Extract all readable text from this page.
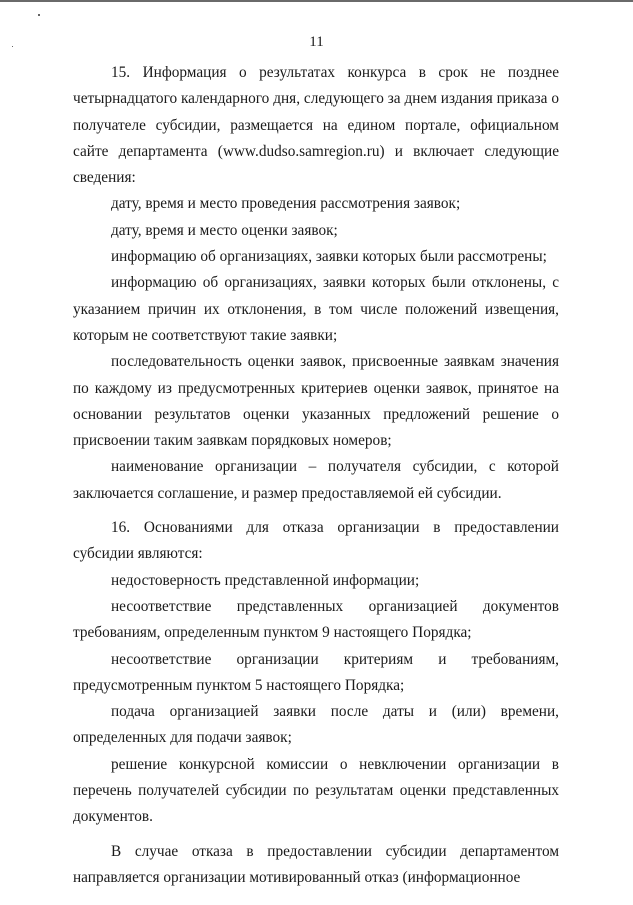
11

15. Информация о результатах конкурса в срок не позднее четырнадцатого календарного дня, следующего за днем издания приказа о получателе субсидии, размещается на едином портале, официальном сайте департамента (www.dudso.samregion.ru) и включает следующие сведения:

дату, время и место проведения рассмотрения заявок;

дату, время и место оценки заявок;

информацию об организациях, заявки которых были рассмотрены;

информацию об организациях, заявки которых были отклонены, с указанием причин их отклонения, в том числе положений извещения, которым не соответствуют такие заявки;

последовательность оценки заявок, присвоенные заявкам значения по каждому из предусмотренных критериев оценки заявок, принятое на основании результатов оценки указанных предложений решение о присвоении таким заявкам порядковых номеров;

наименование организации – получателя субсидии, с которой заключается соглашение, и размер предоставляемой ей субсидии.

16. Основаниями для отказа организации в предоставлении субсидии являются:

недостоверность представленной информации;

несоответствие представленных организацией документов требованиям, определенным пунктом 9 настоящего Порядка;

несоответствие организации критериям и требованиям, предусмотренным пунктом 5 настоящего Порядка;

подача организацией заявки после даты и (или) времени, определенных для подачи заявок;

решение конкурсной комиссии о невключении организации в перечень получателей субсидии по результатам оценки представленных документов.

В случае отказа в предоставлении субсидии департаментом направляется организации мотивированный отказ (информационное
